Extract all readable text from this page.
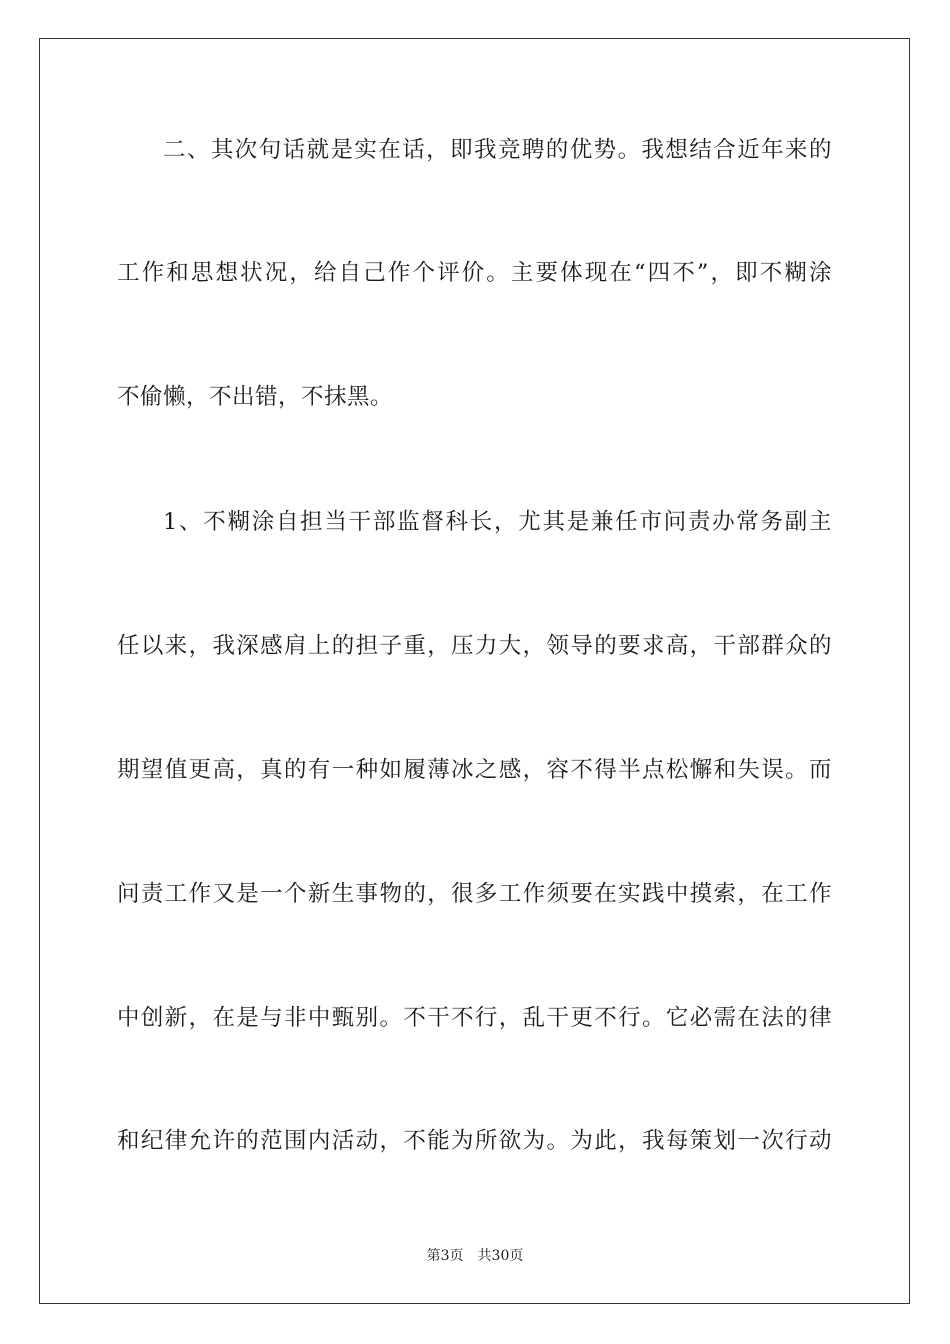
二、其次句话就是实在话，即我竞聘的优势。我想结合近年来的
工作和思想状况，给自己作个评价。主要体现在“四不”，即不糊涂
不偷懒，不出错，不抹黑。
1、不糊涂自担当干部监督科长，尤其是兼任市问责办常务副主
任以来，我深感肩上的担子重，压力大，领导的要求高，干部群众的
期望值更高，真的有一种如履薄冰之感，容不得半点松懈和失误。而
问责工作又是一个新生事物的，很多工作须要在实践中摸索，在工作
中创新，在是与非中甄别。不干不行，乱干更不行。它必需在法的律
和纪律允许的范围内活动，不能为所欲为。为此，我每策划一次行动
第3页 共30页
